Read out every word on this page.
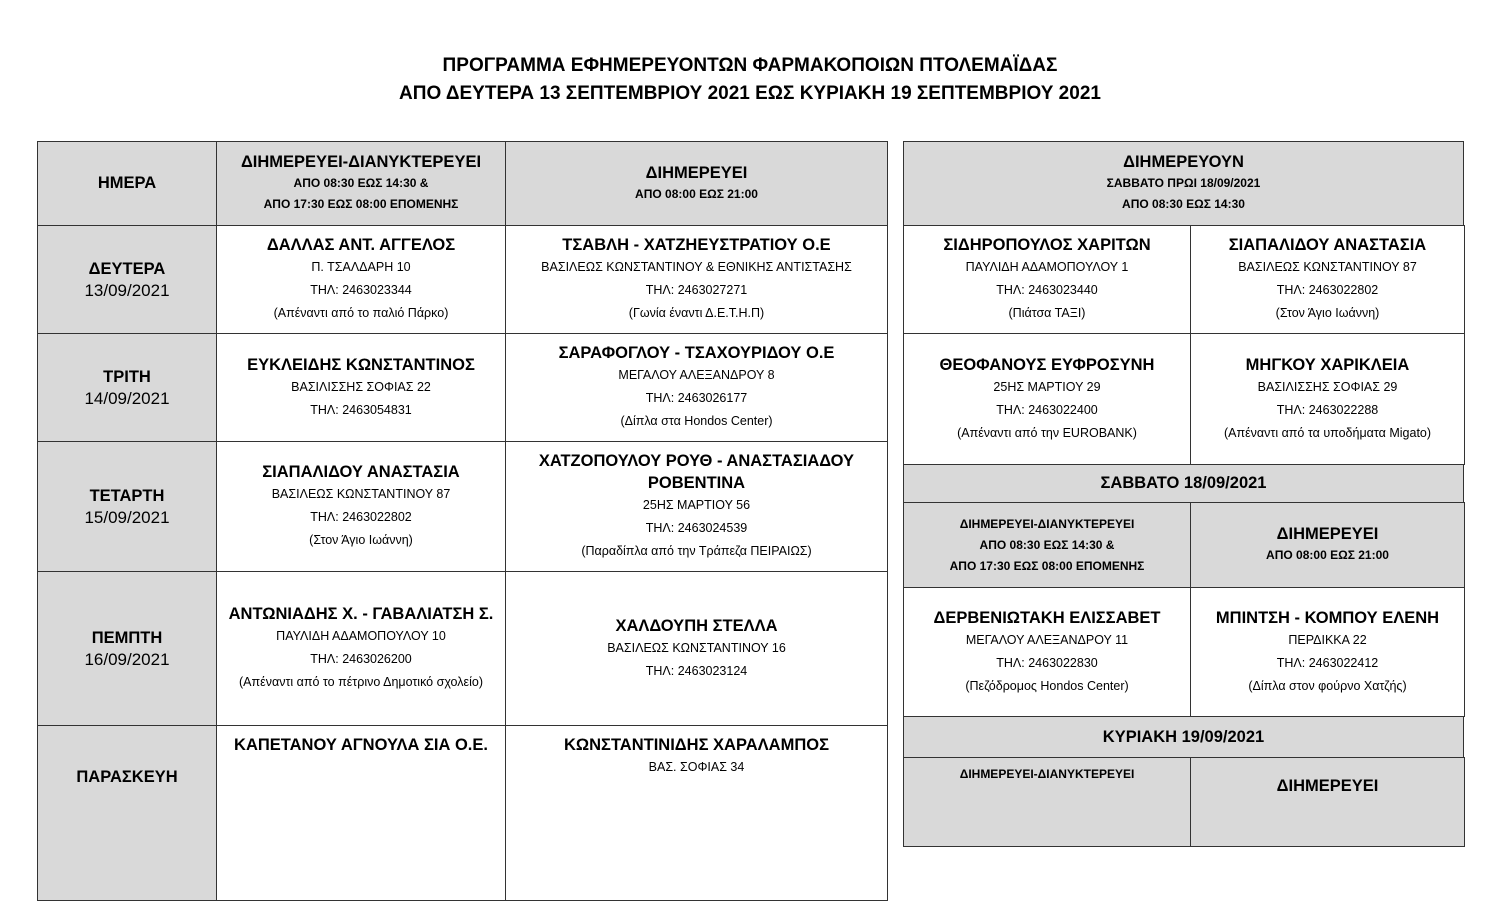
ΠΡΟΓΡΑΜΜΑ ΕΦΗΜΕΡΕΥΟΝΤΩΝ ΦΑΡΜΑΚΟΠΟΙΩΝ ΠΤΟΛΕΜΑΪΔΑΣ
ΑΠΟ ΔΕΥΤΕΡΑ 13 ΣΕΠΤΕΜΒΡΙΟΥ 2021 ΕΩΣ ΚΥΡΙΑΚΗ 19 ΣΕΠΤΕΜΒΡΙΟΥ 2021
ΗΜΕΡΑ
ΔΙΗΜΕΡΕΥΕΙ-ΔΙΑΝΥΚΤΕΡΕΥΕΙ
ΑΠΟ 08:30 ΕΩΣ 14:30 &
ΑΠΟ 17:30 ΕΩΣ 08:00 ΕΠΟΜΕΝΗΣ
ΔΙΗΜΕΡΕΥΕΙ
ΑΠΟ 08:00 ΕΩΣ 21:00
ΔΕΥΤΕΡΑ
13/09/2021
ΔΑΛΛΑΣ ΑΝΤ. ΑΓΓΕΛΟΣ
Π. ΤΣΑΛΔΑΡΗ 10
ΤΗΛ: 2463023344
(Απέναντι από το παλιό Πάρκο)
ΤΣΑΒΛΗ - ΧΑΤΖΗΕΥΣΤΡΑΤΙΟΥ Ο.Ε
ΒΑΣΙΛΕΩΣ ΚΩΝΣΤΑΝΤΙΝΟΥ & ΕΘΝΙΚΗΣ ΑΝΤΙΣΤΑΣΗΣ
ΤΗΛ: 2463027271
(Γωνία έναντι Δ.Ε.Τ.Η.Π)
ΤΡΙΤΗ
14/09/2021
ΕΥΚΛΕΙΔΗΣ ΚΩΝΣΤΑΝΤΙΝΟΣ
ΒΑΣΙΛΙΣΣΗΣ ΣΟΦΙΑΣ 22
ΤΗΛ: 2463054831
ΣΑΡΑΦΟΓΛΟΥ - ΤΣΑΧΟΥΡΙΔΟΥ Ο.Ε
ΜΕΓΑΛΟΥ ΑΛΕΞΑΝΔΡΟΥ 8
ΤΗΛ: 2463026177
(Δίπλα στα Hondos Center)
ΤΕΤΑΡΤΗ
15/09/2021
ΣΙΑΠΑΛΙΔΟΥ ΑΝΑΣΤΑΣΙΑ
ΒΑΣΙΛΕΩΣ ΚΩΝΣΤΑΝΤΙΝΟΥ 87
ΤΗΛ: 2463022802
(Στον Άγιο Ιωάννη)
ΧΑΤΖΟΠΟΥΛΟΥ ΡΟΥΘ - ΑΝΑΣΤΑΣΙΑΔΟΥ ΡΟΒΕΝΤΙΝΑ
25ΗΣ ΜΑΡΤΙΟΥ 56
ΤΗΛ: 2463024539
(Παραδίπλα από την Τράπεζα ΠΕΙΡΑΙΩΣ)
ΠΕΜΠΤΗ
16/09/2021
ΑΝΤΩΝΙΑΔΗΣ Χ. - ΓΑΒΑΛΙΑΤΣΗ Σ.
ΠΑΥΛΙΔΗ ΑΔΑΜΟΠΟΥΛΟΥ 10
ΤΗΛ: 2463026200
(Απέναντι από το πέτρινο Δημοτικό σχολείο)
ΧΑΛΔΟΥΠΗ ΣΤΕΛΛΑ
ΒΑΣΙΛΕΩΣ ΚΩΝΣΤΑΝΤΙΝΟΥ 16
ΤΗΛ: 2463023124
ΠΑΡΑΣΚΕΥΗ
ΚΑΠΕΤΑΝΟΥ ΑΓΝΟΥΛΑ ΣΙΑ Ο.Ε.	ΚΩΝΣΤΑΝΤΙΝΙΔΗΣ ΧΑΡΑΛΑΜΠΟΣ
ΒΑΣ. ΣΟΦΙΑΣ 34
ΔΙΗΜΕΡΕΥΟΥΝ
ΣΑΒΒΑΤΟ ΠΡΩΙ 18/09/2021
ΑΠΟ 08:30 ΕΩΣ 14:30
ΣΙΔΗΡΟΠΟΥΛΟΣ ΧΑΡΙΤΩΝ
ΠΑΥΛΙΔΗ ΑΔΑΜΟΠΟΥΛΟΥ 1
ΤΗΛ: 2463023440
(Πιάτσα ΤΑΞΙ)
ΣΙΑΠΑΛΙΔΟΥ ΑΝΑΣΤΑΣΙΑ
ΒΑΣΙΛΕΩΣ ΚΩΝΣΤΑΝΤΙΝΟΥ 87
ΤΗΛ: 2463022802
(Στον Άγιο Ιωάννη)
ΘΕΟΦΑΝΟΥΣ ΕΥΦΡΟΣΥΝΗ
25ΗΣ ΜΑΡΤΙΟΥ 29
ΤΗΛ: 2463022400
(Απέναντι από την EUROBANK)
ΜΗΓΚΟΥ ΧΑΡΙΚΛΕΙΑ
ΒΑΣΙΛΙΣΣΗΣ ΣΟΦΙΑΣ 29
ΤΗΛ: 2463022288
(Απέναντι από τα υποδήματα Migato)
ΣΑΒΒΑΤΟ 18/09/2021
ΔΙΗΜΕΡΕΥΕΙ-ΔΙΑΝΥΚΤΕΡΕΥΕΙ
ΑΠΟ 08:30 ΕΩΣ 14:30 &
ΑΠΟ 17:30 ΕΩΣ 08:00 ΕΠΟΜΕΝΗΣ
ΔΙΗΜΕΡΕΥΕΙ
ΑΠΟ 08:00 ΕΩΣ 21:00
ΔΕΡΒΕΝΙΩΤΑΚΗ ΕΛΙΣΣΑΒΕΤ
ΜΕΓΑΛΟΥ ΑΛΕΞΑΝΔΡΟΥ 11
ΤΗΛ: 2463022830
(Πεζόδρομος Hondos Center)
ΜΠΙΝΤΣΗ - ΚΟΜΠΟΥ ΕΛΕΝΗ
ΠΕΡΔΙΚΚΑ 22
ΤΗΛ: 2463022412
(Δίπλα στον φούρνο Χατζής)
ΚΥΡΙΑΚΗ 19/09/2021
ΔΙΗΜΕΡΕΥΕΙ-ΔΙΑΝΥΚΤΕΡΕΥΕΙ
ΔΙΗΜΕΡΕΥΕΙ
